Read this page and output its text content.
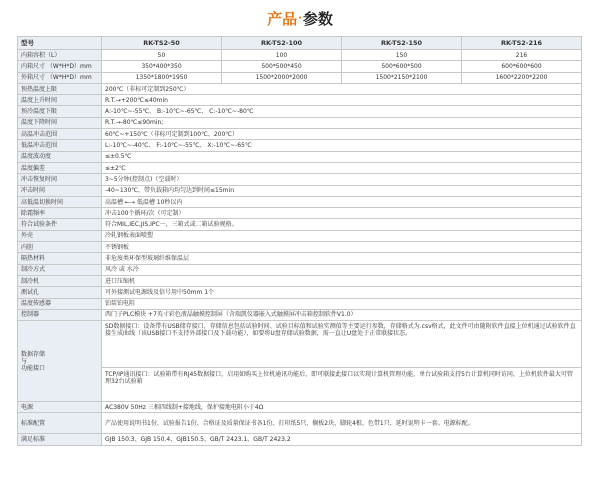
产品 · 参数
型号	RK-TS2-50	RK-TS2-100	RK-TS2-150	RK-TS2-216
内箱容积（L）	50	100	150	216
内箱尺寸 （W*H*D）mm	350*400*350	500*500*450	500*600*500	600*600*600
外箱尺寸 （W*H*D）mm	1350*1800*1950	1500*2000*2000	1500*2150*2100	1600*2200*2200
预热温度上限	200℃（非标可定制到250℃）			
温度上升时间	R.T.→+200℃≤40min			
预冷温度下限	A:-10℃~-55℃、 B:-10℃~-65℃、 C:-10℃~-80℃			
温度下降时间	R.T.→-80℃≤90min;			
高温冲击范围	60℃~+150℃（非标可定制到100℃、200℃）			
低温冲击范围	L:-10℃~-40℃、 F:-10℃~-55℃、 X:-10℃~-65℃			
温度波动度	≤±0.5℃			
温度偏差	≤±2℃			
冲击恢复时间	3~5分钟(控制点)（空载时）			
冲击时间	-40~130℃，带负载箱内均匀达到时间≤15min			
高低温切换时间	高温槽 ←→ 低温槽 10秒以内			
除霜频率	冲击100个循环/次（可定制）			
符合试验条件	符合MIL,IEC,JIS,IPC一，三箱式或二箱试验规格。			
外壳	冷轧钢板表面喷塑			
内胆	不锈钢板			
隔热材料	非危废类环保型玻璃纤维保温层			
制冷方式	风冷 或 水冷			
制冷机	进口压缩机			
测试孔	可外接测试电源线及信号用中50mm 1个			
温度传感器	铂装铂电阻			
控制器	西门子PLC模块 +7英寸彩色液晶触摸控制屏（含瑞凯仪器嵌入式触摸屏冲击箱控制软件V1.0）			

数据存储
与
功能接口	SD数据接口：设备带有USB储存接口，存储信息包括试验时间、试验目标值和试验实测值等主要运行参数，存储格式为.csv格式，此文件可由随附软件直接上位机通过试验软件直接生成曲线（该USB接口不支持外部接口及下载功能），如要将U盘存储试验数据，需一直让U盘处于正常联接状态。			
	TCP/IP通讯接口：试验箱带有RJ45数据接口，启用如购买上位机通讯功能后，即可联接此接口以实现计算机管理功能，单台试验箱支持5台计算机同时访问，上位机软件最大可管理32台试验箱			
电源	AC380V 50Hz 三相四线制+接地线，保护接地电阻小于4Ω			
标准配置	产品使用说明书1份、试验报告1份、合格证及质量保证书各1份、打印纸5只、搁板2块、脚轮4根、色带1只、延时说明卡一套。电源标配。			
满足标准	GJB 150.3、GJB 150.4、GJB150.5、GB/T 2423.1、GB/T 2423.2			
